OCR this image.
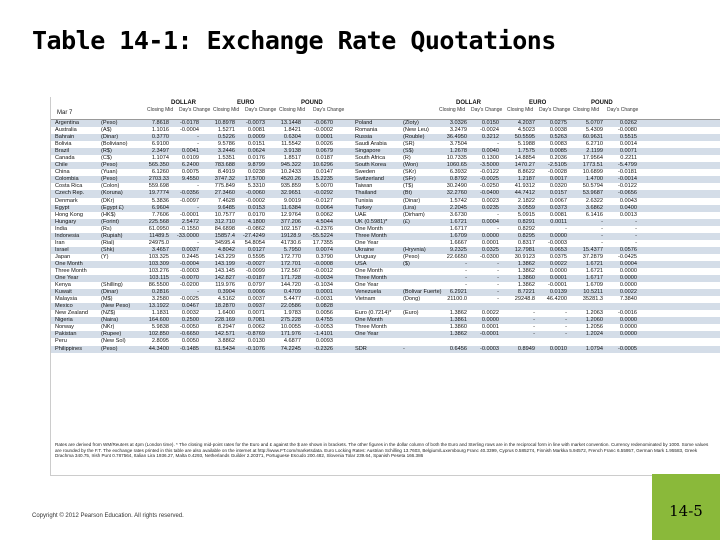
Table 14-1: Exchange Rate Quotations
Mar 7
DOLLAR	EURO	POUND
Closing Mid Day's Change Closing Mid Day's Change Closing Mid Day's Change
DOLLAR	EURO	POUND
Closing Mid Day's Change Closing Mid Day's Change Closing Mid Day's Change
Argentina	(Peso)	7.8618	-0.0178	10.8978	-0.0073	13.1448	-0.0670
Australia	(A$)	1.1016	-0.0004	1.5271	0.0081	1.8421	-0.0002
Bahrain	(Dinar)	0.3770	-	0.5226	0.0009	0.6304	0.0001
Bolivia	(Boliviano)	6.9100	-	9.5786	0.0151	11.5542	0.0026
Brazil	(R$)	2.3497	0.0041	3.2446	0.0624	3.9138	0.0679
Canada	(C$)	1.1074	0.0109	1.5351	0.0176	1.8517	0.0187
Chile	(Peso)	565.350	6.2400	783.688	9.8799	945.322	10.6296
China	(Yuan)	6.1260	0.0075	8.4919	0.0238	10.2433	0.0147
Colombia	(Peso)	2703.33	9.4550	3747.32	17.5700	4520.26	15.2235
Costa Rica	(Colon)	559.698	-	775.849	5.3310	935.859	5.0070
Czech Rep.	(Koruna)	19.7774	-0.0356	27.3460	-0.0060	32.9651	-0.0292
Denmark	(DKr)	5.3836	-0.0097	7.4628	-0.0002	9.0019	-0.0127
Egypt	(Egypt £)	6.9604	-	9.6485	0.0153	11.6384	0.0064
Hong Kong	(HK$)	7.7606	-0.0001	10.7577	0.0170	12.9764	0.0062
Hungary	(Forint)	225.568	2.5472	312.710	4.1800	377.206	4.5044
India	(Rs)	61.0950	-0.1550	84.6898	-0.0862	102.157	-0.2376
Indonesia	(Rupiah)	11489.5	-33.0000	15857.4	-27.4249	19128.9	-55.5224
Iran	(Rial)	24975.0	-	34595.4	54.8054	41730.6	17.7355
Israel	(Shk)	3.4657	0.0037	4.8042	0.0127	5.7950	0.0074
Japan	(Y)	103.325	0.2445	143.229	0.5595	172.770	0.3790
One Month	103.309	-0.0004	143.199	-0.0027	172.701	-0.0008
Three Month	103.276	-0.0003	143.145	-0.0099	172.567	-0.0012
One Year	103.115	-0.0070	142.827	-0.0187	171.728	-0.0034
Kenya	(Shilling)	86.5500	-0.0200	119.976	0.0797	144.720	-0.1034
Kuwait	(Dinar)	0.2816	-	0.3904	0.0006	0.4709	0.0001
Malaysia	(M$)	3.2580	-0.0025	4.5162	0.0037	5.4477	-0.0031
Mexico	(New Peso)	13.1922	0.0467	18.2870	0.0937	22.0586	0.0828
New Zealand (NZ$)	1.1831	0.0032	1.6400	0.0071	1.9783	0.0056
Nigeria	(Naira)	164.600	0.2500	228.169	0.7081	275.228	0.4755
Norway	(NKr)	5.9838	-0.0050	8.2947	0.0062	10.0055	-0.0053
Pakistan	(Rupee)	102.850	-0.6650	142.571	-0.8769	171.976	-1.4101
Peru	(New Sol)	2.8095	0.0050	3.8862	0.0130	4.6877	0.0093
Philippines	(Peso)	44.3400	-0.1485	61.5434	-0.1076	74.2245	-0.2326
Poland	(Zloty)	3.0326	0.0150	4.2037	0.0275	5.0707	0.0262
Romania	(New Leu)	3.2479	-0.0024	4.5023	0.0038	5.4309	-0.0080
Russia	(Rouble)	36.4950	0.3212	50.5595	0.5263	60.9631	0.5515
Saudi Arabia	(SR)	3.7504	-	5.1988	0.0083	6.2710	0.0014
Singapore	(S$)	1.2678	0.0040	1.7575	0.0085	2.1199	0.0071
South Africa	(R)	10.7335	0.1300	14.8854	0.2036	17.9564	0.2211
South Korea	(Won)	1060.65	-3.5000	1470.27	-2.5105	1773.51	-5.4799
Sweden	(SKr)	6.3932	-0.0122	8.8622	-0.0028	10.6899	-0.0181
Switzerland	(SFr)	0.8792	-0.0025	1.2187	0.0017	1.4700	-0.0014
Taiwan	(T$)	30.2490	-0.0250	41.9312	0.0320	50.5794	-0.0122
Thailand	(Bt)	32.2760	-0.0400	44.7412	0.0157	53.9687	-0.0656
Tunisia	(Dinar)	1.5742	0.0023	2.1822	0.0067	2.6322	0.0043
Turkey	(Lira)	2.2045	0.0235	3.0559	0.0373	3.6862	0.0400
UAE	(Dirham)	3.6730	-	5.0915	0.0081	6.1416	0.0013
UK (0.5981)*	(£)	1.6721	0.0004	0.8291	0.0011	-	-
One Month	1.6717	-	0.8292	-	-	-
Three Month	1.6709	0.0000	0.8295	0.0000	-	-
One Year	1.6667	0.0001	0.8317	-0.0003	-	-
Ukraine	(Hryvnia)	9.2325	0.0325	12.7981	0.0653	15.4377	0.0576
Uruguay	(Peso)	22.6650	-0.0300	30.9123	0.0375	37.2879	-0.0425
USA	($)	-	-	1.3862	0.0022	1.6721	0.0004
One Month	-	-	1.3862	0.0000	1.6721	0.0000
Three Month	-	-	1.3860	0.0001	1.6717	0.0000
One Year	-	-	1.3862	-0.0001	1.6709	0.0000
Venezuela	(Bolivar Fuerte)	6.2921	-	8.7221	0.0139	10.5211	0.0022
Vietnam	(Dong)	21100.0	-	29248.8	46.4200	35281.3	7.3840
Euro (0.7214)* (Euro)	1.3862	0.0022	-	-	1.2063	-0.0016
One Month	1.3861	0.0000	-	-	1.2060	0.0000
Three Month	1.3860	0.0001	-	-	1.2056	0.0000
One Year	1.3862	-0.0001	-	-	1.2024	0.0000
SDR	-	0.6456	-0.0003	0.8949	0.0010	1.0794	-0.0005
Rates are derived from WM/Reuters at 4pm (London time). * The closing mid-point rates for the Euro and £ against the $ are shown in brackets. The other figures in the dollar column of both the Euro and Sterling rows are in the reciprocal form in line with market convention. Currency redenominated by 1000. Some values are rounded by the F.T. The exchange rates printed in this table are also available on the internet at http://www.FT.com/marketsdata. Euro Locking Rates: Austrian Schilling 13.7603, Belgium/Luxembourg Franc 40.3399, Cyprus 0.585274, Finnish Markka 5.94572, French Franc 6.55957, German Mark 1.95583, Greek Drachma 340.75, Irish Punt 0.787564, Italian Lira 1936.27, Malta 0.4293, Netherlands Guilder 2.20371, Portuguese Escudo 200.482, Slovenia Tolar 239.64, Spanish Peseta 166.386
Copyright © 2012 Pearson Education. All rights reserved.	14-5
